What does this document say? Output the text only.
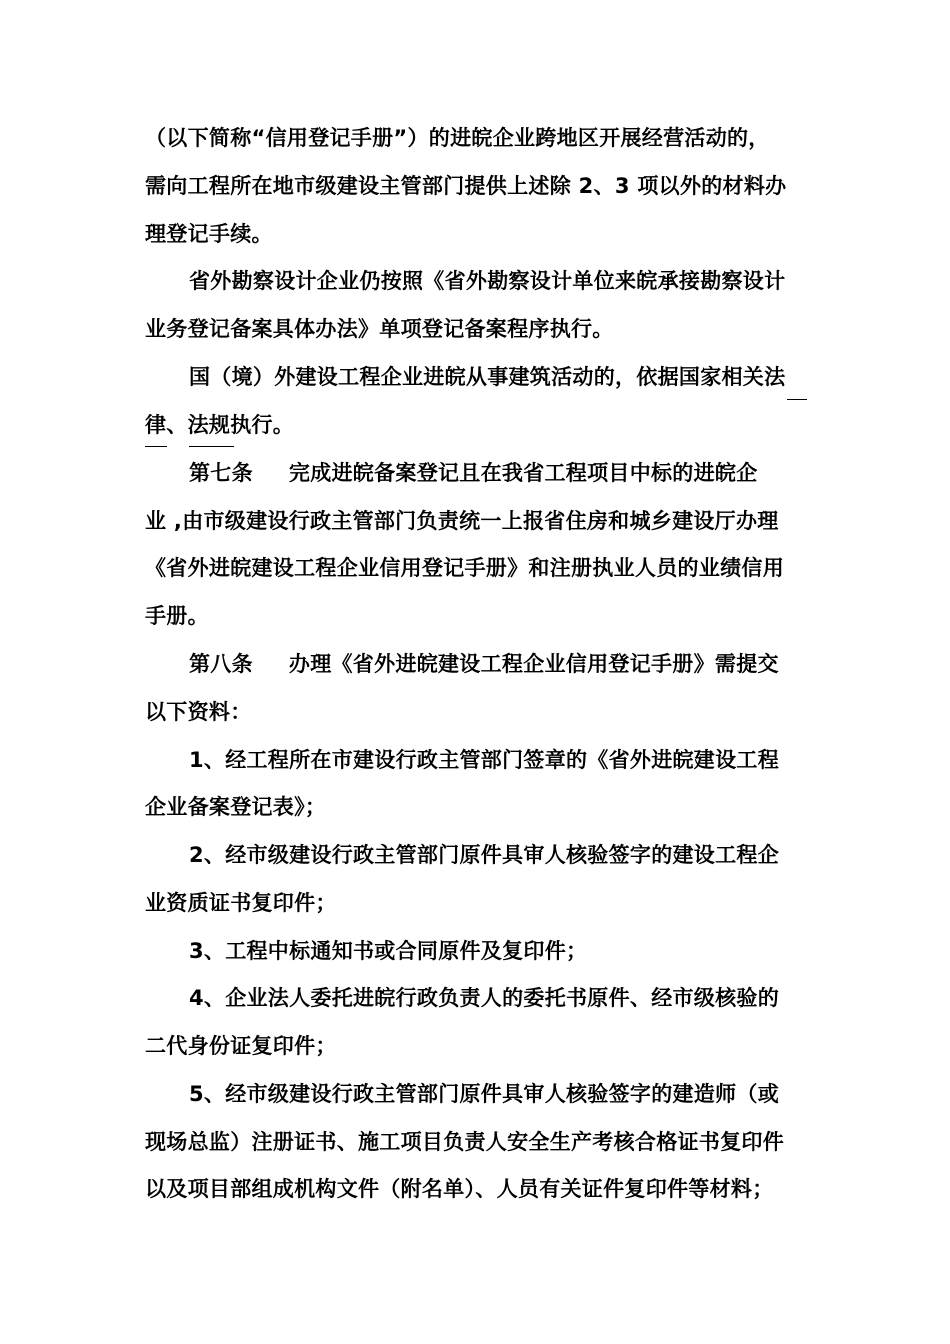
（以下简称“信用登记手册”）的进皖企业跨地区开展经营活动的，
需向工程所在地市级建设主管部门提供上述除 2、3 项以外的材料办
理登记手续。
省外勘察设计企业仍按照《省外勘察设计单位来皖承接勘察设计
业务登记备案具体办法》单项登记备案程序执行。
国（境）外建设工程企业进皖从事建筑活动的，依据国家相关法
律、法规执行。
第七条 完成进皖备案登记且在我省工程项目中标的进皖企
业 ,由市级建设行政主管部门负责统一上报省住房和城乡建设厅办理
《省外进皖建设工程企业信用登记手册》和注册执业人员的业绩信用
手册。
第八条 办理《省外进皖建设工程企业信用登记手册》需提交
以下资料：
1、经工程所在市建设行政主管部门签章的《省外进皖建设工程
企业备案登记表》；
2、经市级建设行政主管部门原件具审人核验签字的建设工程企
业资质证书复印件；
3、工程中标通知书或合同原件及复印件；
4、企业法人委托进皖行政负责人的委托书原件、经市级核验的
二代身份证复印件；
5、经市级建设行政主管部门原件具审人核验签字的建造师（或
现场总监）注册证书、施工项目负责人安全生产考核合格证书复印件
以及项目部组成机构文件（附名单）、人员有关证件复印件等材料；
